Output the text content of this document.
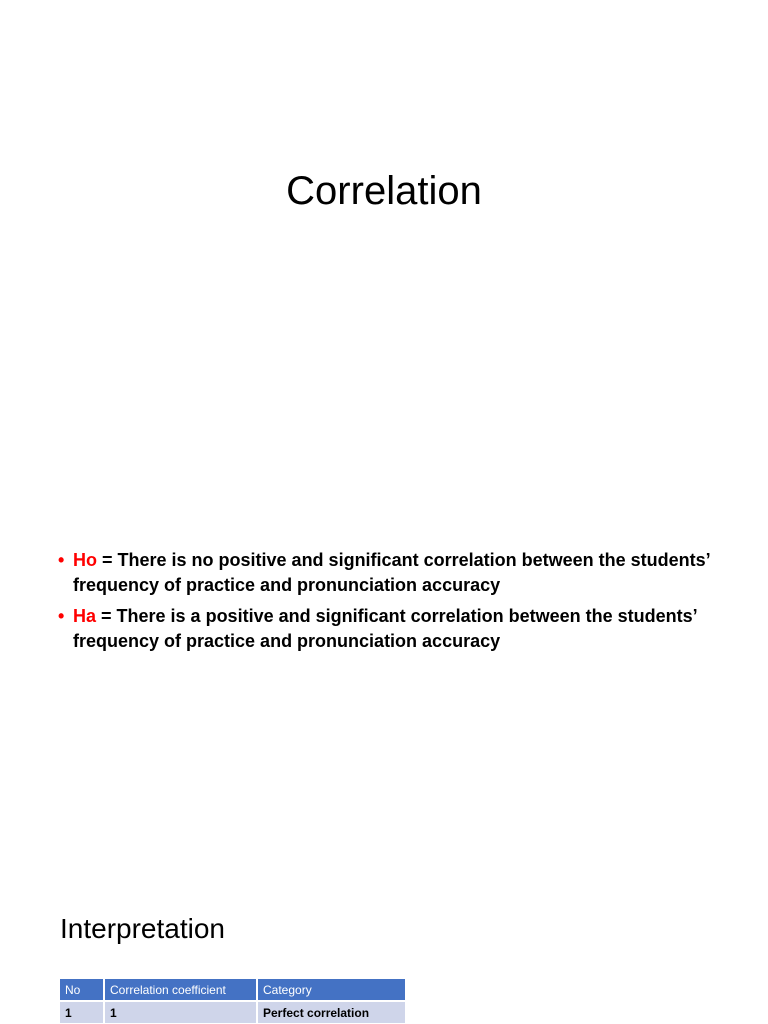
Correlation
• Ho = There is no positive and significant correlation between the students’ frequency of practice and pronunciation accuracy
• Ha = There is a positive and significant correlation between the students’ frequency of practice and pronunciation accuracy
Interpretation
No	Correlation coefficient	Category
1	1	Perfect correlation
